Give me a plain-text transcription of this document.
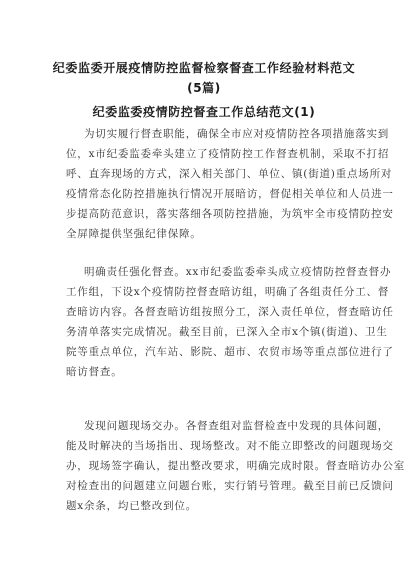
纪委监委开展疫情防控监督检察督查工作经验材料范文
(5篇)
纪委监委疫情防控督查工作总结范文(1)
为切实履行督查职能，确保全市应对疫情防控各项措施落实到
位，x市纪委监委牵头建立了疫情防控工作督查机制，采取不打招
呼、直奔现场的方式，深入相关部门、单位、镇(街道)重点场所对
疫情常态化防控措施执行情况开展暗访，督促相关单位和人员进一
步提高防范意识，落实落细各项防控措施，为筑牢全市疫情防控安
全屏障提供坚强纪律保障。
明确责任强化督查。xx市纪委监委牵头成立疫情防控督查督办
工作组，下设x个疫情防控督查暗访组，明确了各组责任分工、督
查暗访内容。各督查暗访组按照分工，深入责任单位，督查暗访任
务清单落实完成情况。截至目前，已深入全市x个镇(街道)、卫生
院等重点单位，汽车站、影院、超市、农贸市场等重点部位进行了
暗访督查。
发现问题现场交办。各督查组对监督检查中发现的具体问题，
能及时解决的当场指出、现场整改。对不能立即整改的问题现场交
办，现场签字确认，提出整改要求，明确完成时限。督查暗访办公室
对检查出的问题建立问题台账，实行销号管理。截至目前已反馈问
题x余条，均已整改到位。
